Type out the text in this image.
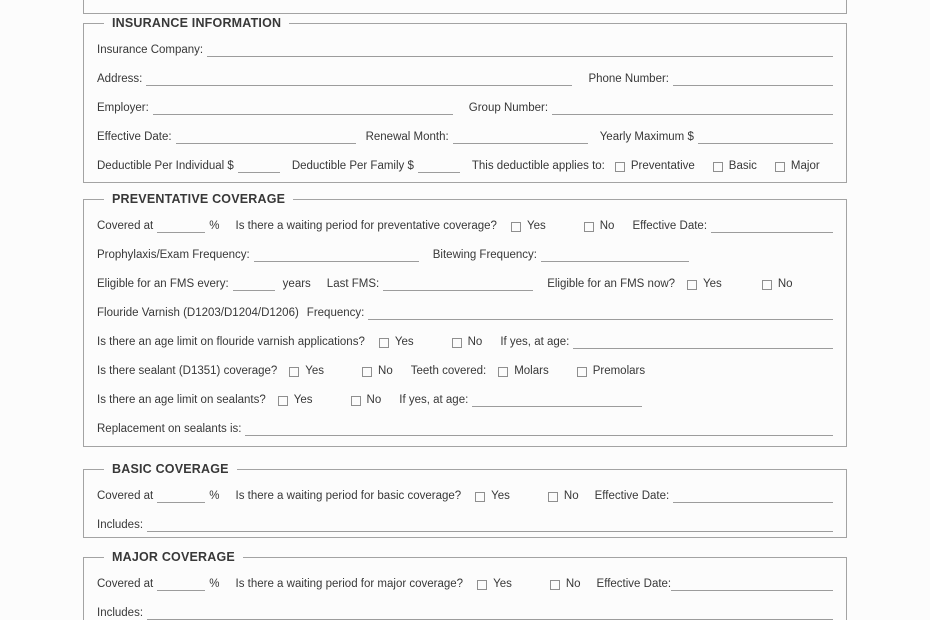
INSURANCE INFORMATION
Insurance Company:
Address:	Phone Number:
Employer:	Group Number:
Effective Date:	Renewal Month:	Yearly Maximum $
Deductible Per Individual $	Deductible Per Family $	This deductible applies to: Preventative	Basic	Major
PREVENTATIVE COVERAGE
Covered at	% Is there a waiting period for preventative coverage?	Yes	No Effective Date:
Prophylaxis/Exam Frequency:	Bitewing Frequency:
Eligible for an FMS every:	years Last FMS:	Eligible for an FMS now? Yes	No
Flouride Varnish (D1203/D1204/D1206) Frequency:
Is there an age limit on flouride varnish applications?	Yes	No If yes, at age:
Is there sealant (D1351) coverage? Yes	No Teeth covered: Molars	Premolars
Is there an age limit on sealants? Yes	No If yes, at age:
Replacement on sealants is:
BASIC COVERAGE
Covered at	% Is there a waiting period for basic coverage?	Yes	No Effective Date:
Includes:
MAJOR COVERAGE
Covered at	% Is there a waiting period for major coverage?	Yes	No Effective Date:
Includes:
